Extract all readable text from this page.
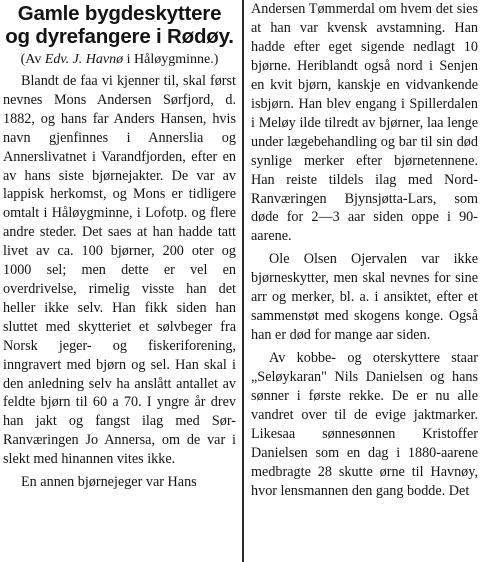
Gamle bygdeskyttere
og dyrefangere i Rødøy.
(Av Edv. J. Havnø i Håløygminne.)

Blandt de faa vi kjenner til, skal først nevnes Mons Andersen Sørfjord, d. 1882, og hans far Anders Hansen, hvis navn gjenfinnes i Annerslia og Annerslivatnet i Varandfjorden, efter en av hans siste bjørnejakter. De var av lappisk herkomst, og Mons er tidligere omtalt i Håløygminne, i Lofotp. og flere andre steder. Det saes at han hadde tatt livet av ca. 100 bjørner, 200 oter og 1000 sel; men dette er vel en overdrivelse, rimelig visste han det heller ikke selv. Han fikk siden han sluttet med skytteriet et sølvbeger fra Norsk jeger- og fiskeriforening, inngravert med bjørn og sel. Han skal i den anledning selv ha anslått antallet av feldte bjørn til 60 a 70. I yngre år drev han jakt og fangst ilag med Sør-Ranværingen Jo Annersa, om de var i slekt med hinannen vites ikke.

En annen bjørnejeger var Hans

Andersen Tømmerdal om hvem det sies at han var kvensk avstamning. Han hadde efter eget sigende nedlagt 10 bjørne. Heriblandt også nord i Senjen en kvit bjørn, kanskje en vidvankende isbjørn. Han blev engang i Spillerdalen i Meløy ilde tilredt av bjørner, laa lenge under lægebehandling og bar til sin død synlige merker efter bjørnetennene. Han reiste tildels ilag med Nord-Ranværingen Bjynsjøtta-Lars, som døde for 2—3 aar siden oppe i 90-aarene.

Ole Olsen Ojervalen var ikke bjørneskytter, men skal nevnes for sine arr og merker, bl. a. i ansiktet, efter et sammenstøt med skogens konge. Også han er død for mange aar siden.

Av kobbe- og oterskyttere staar „Seløykaran" Nils Danielsen og hans sønner i første rekke. De er nu alle vandret over til de evige jaktmarker. Likesaa sønnesønnen Kristoffer Danielsen som en dag i 1880-aarene medbragte 28 skutte ørne til Havnøy, hvor lensmannen den gang bodde. Det
